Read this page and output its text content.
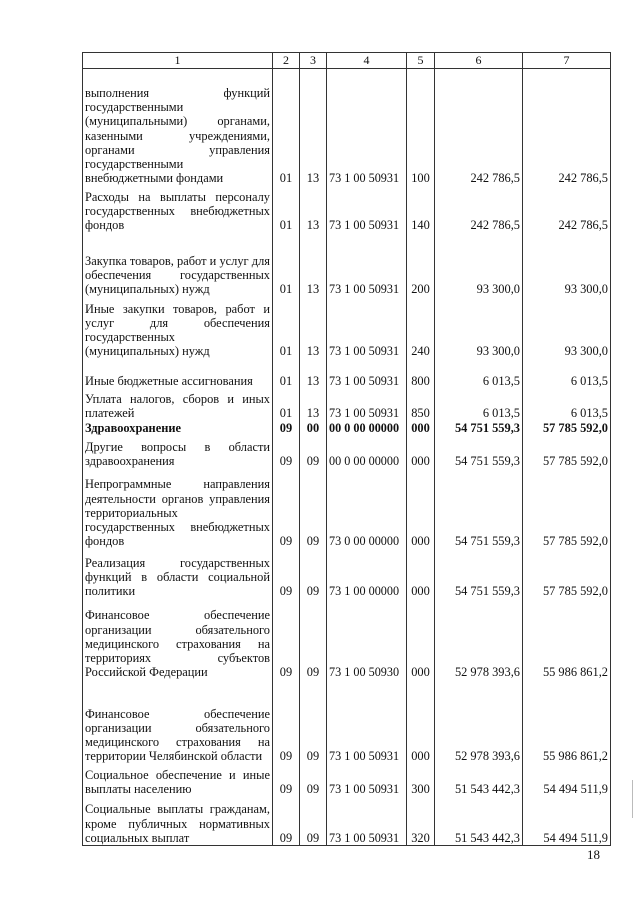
1	2	3	4	5	6	7
выполнения функций государственными (муниципальными) органами, казенными учреждениями, органами управления государственными внебюджетными фондами	01	13	73 1 00 50931	100	242 786,5	242 786,5
Расходы на выплаты персоналу государственных внебюджетных фондов	01	13	73 1 00 50931	140	242 786,5	242 786,5
Закупка товаров, работ и услуг для обеспечения государственных (муниципальных) нужд	01	13	73 1 00 50931	200	93 300,0	93 300,0
Иные закупки товаров, работ и услуг для обеспечения государственных (муниципальных) нужд	01	13	73 1 00 50931	240	93 300,0	93 300,0
Иные бюджетные ассигнования	01	13	73 1 00 50931	800	6 013,5	6 013,5
Уплата налогов, сборов и иных платежей	01	13	73 1 00 50931	850	6 013,5	6 013,5
Здравоохранение	09	00	00 0 00 00000	000	54 751 559,3	57 785 592,0
Другие вопросы в области здравоохранения	09	09	00 0 00 00000	000	54 751 559,3	57 785 592,0
Непрограммные направления деятельности органов управления территориальных государственных внебюджетных фондов	09	09	73 0 00 00000	000	54 751 559,3	57 785 592,0
Реализация государственных функций в области социальной политики	09	09	73 1 00 00000	000	54 751 559,3	57 785 592,0
Финансовое обеспечение организации обязательного медицинского страхования на территориях субъектов Российской Федерации	09	09	73 1 00 50930	000	52 978 393,6	55 986 861,2
Финансовое обеспечение организации обязательного медицинского страхования на территории Челябинской области	09	09	73 1 00 50931	000	52 978 393,6	55 986 861,2
Социальное обеспечение и иные выплаты населению	09	09	73 1 00 50931	300	51 543 442,3	54 494 511,9
Социальные выплаты гражданам, кроме публичных нормативных социальных выплат	09	09	73 1 00 50931	320	51 543 442,3	54 494 511,9
18
